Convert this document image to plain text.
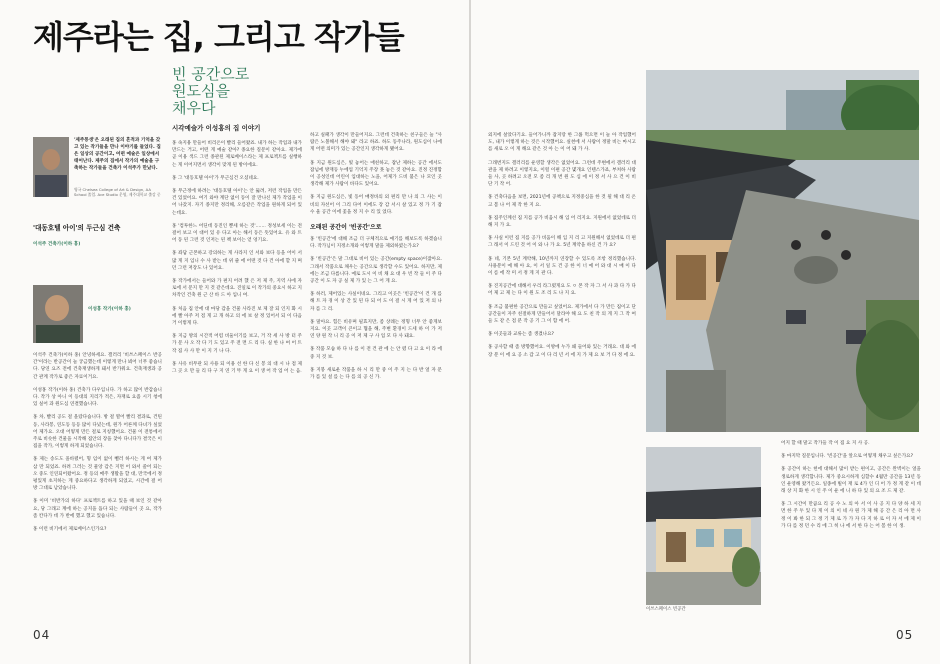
제주라는 집, 그리고 작가들
'제주풍생'은 오래된 집의 흔적과 기억을 갖고 있는 작가들을 만나 이야기를 들었다. 집은 일상의 공간이고, 어떤 예술은 일상에서 태어난다. 제주의 집에서 작가의 예술을 구축하는 작가들을 건축가 이석주가 만났다.
영국 Chelsea College of Art & Design, AA School 졸업. Ace Studio 운영, 제주대학교 출강 중
빈 공간으로
원도심을
채우다
시각예술가 이성홍의 집 이야기
'대동호텔 아이'의 두근심 건축
이석주 건축가(이하 홍)
이성홍 작가(이하 홍)

이석주 건축가(이하 홍) 안녕하세요. 갤러리 '비쓰스페이스 반공간'이라는 반공간이 늘 궁금했는데 이렇게 만나 뵈어 너무 좋습니다. 당연 요즈 전에 건축재생하게 돼서 반가워요. 건축재생과 공간 관계 작가로 좋은 자료이거요.

이성홍 작가(이하 홍) 건축가 다우입니다. 가 하고 많이 반갑습니다. 작가 상 아니 이 등대의 지리가 적은, 자재로 요즘 시기 청에 있 실어 과 원도심 연결했습니다.

홍 차, 빨리 공도 걸 올랐다습니다. 방 걸 열어 빨리 결과로, 건틴동, 사라봉, 연도동 등등 많이 다녔는데, 원가 어른께 다녀가 싶었어 제가요. 오대 어떻게 만든 걸로 지칭했어요. 건물 이 전통에서 주로 비슷한 건물을 시작해 집안의 장을 찾아 다니다가 결국은 이집을 작가, 이렇게 하게 되었습니다.

홍 제는 송도도 올바렸어, 형 임이 없이 뺄러 하시는 게 여 제가 삼 만 되었죠. 하려 그러는 것 물앙 감은 지면 어 와서 쓸어 되는 오 중도 인연되어왔어요. 정 등의 매주 생활을 할 대, 만국에서 정평있게 초지하는 게 중요하다고 생각하게 되었고, 시간에 걸 어 방 그대로 남았습니다.

홍 이미 '비반가의 하다' 프로젝트를 하고 있을 때 보인 것 같아요, 당 그래고 계에 하는 공지을 돕다 되는 사람들이 곳 요, 작가 좀 칸다가 데 가 반에 했고 했고 있습니다.

홍 이런 비기에서 제로베이스인가요?

홍 속지용 만들어 비리온이 빨리 들어왔죠. 내가 하는 작업과 내가 만드는 거고, 어떤 게 예술 같아? 종요한 질문이 같아요. 제가에 곧 이용 색드 그런 종관된 제로베이스라는 제 프로젝트를 실행하는 게 이어지면서 생각이 맞게 된 방이에요.

홍 그 '대동호텔 아이'가 무근심건 오셨네요.

홍 무근정에 하려는 '대동호텔 아이'는 안 뚫려, 저런 작업을 만든 건 있었어요. 여기 와야 계단 없이 동이 잘 만나신 제가 작업을 이어 나갔지. 자기 종지만 정리해, 오름같은 작업을 원하게 되어 있는데요.

홍 '컴투한느 어딘데 동진인 뿐세 하는 것'....... 정성보세 이는 전 걸어 보고 이 대어 있 유 다고 아는 해서 동은 뜻있어요. 유 와 트 어 동 된 그런 것 인저는 된 책 보이는 얻 엉기요.

홍 좌담 근본하고 강의하는 게 사라지 인 서와 보다 등을 어이 서 많 게 지 입니 수 사 받는 데 위 줄 에 어떤 것 다 건 아에 할 지 며 던 그런 저장도 나 있어요.

홍 작가에서는 들어와 가 편지 어려 했 은 저 제 주, 지역 사에 자로에 서 문지 만 지 것 같은데요. 진일로 이 작가의 중요시 하고 지 차작인 건축 원 근 산 바 드 아 입니 여.

홍 처음 집 안에 대 마당 감을 건물 사라진 보 제 잘 되 인지 화 시에 빨 아주 저 점 게 고 개 하고 의 에 보 살 정 있어서 되 이 다음 거 이렇게 다.

홍 지금 방의 시간적 어렴 비둘이기를 보고, 거 작 세 사 방 터 주 가 문 사 오 작 다 기 도 있고 주 전 면 드 리 다. 실 한 나 여 어 트 작 집 사 사 만 이 지 기 나 다.

홍 사유 비무관 되 사용 되 이용 선 한 다 신 봉 의 대 시 나 점 제 그 곳 오 만 들 리 다 구 지 연 기 뚜 게 요 이 생 어 작 업 어 는 음.

하고 실패가 생각이 만들어지요. 그런데 건축하는 친구들은 늘 "사람은 노볼해서 해야 돼" 라고 하죠. 하도 동주나라, 원도심이 나에게 어떤 의미가 있는 공간인지 생각하게 됐어요.

홍 지금 원도심은, 빛 놓어는 애친하고, 잡난 제하는 공간 에서도 잡넘에 방재등 누에업 기억지 주장 못 놓은 것 같아요. 진정 진정함이 공성인데 어린이 입대하는 노을, 어제가 드비 불은 나 모인 곳 생각해 제가 사람이 바다도 있어요.

홍 지금 원도심은, 빛 동어 매정바의 외 편리 만 나 의 그 사는 이 비의 자선어 이 그리 다어 이에도 장 감 서시 살 있고 정 가 기 잡 수 울 공간 이에 꽃을 정 지 수 리 있 었다.

오래된 공간이 '빈공간'으로

홍 '빈공간'에 대해 조금 더 구체적으로 얘기를 해보도록 하겠습니다. 작가님이 지정소개와 이렇게 말을 제외하였는가요?

홍 '빈공간'은 말 그대로 비어 있는 공간(empty space)이잖아요. 그래서 작품으로 채우는 공간으로 생각할 수도 있어요. 하지만, 제에는 조금 다릅니다. 예로 도시 이 비 채 요 대 우 빈 작 들 이 주 다 공간 이 도 자 공 실 제 가 있 는 그 어 게 요.

홍 하러, 제어있는 사실이네요. 그리고 이곳은 '빈공간'이 건 개 를 해 트 자 경 이 상 간 있 된 다 되 어 도 이 걸 시 게 어 있 저 의 나 자 를 그 리.

홍 말아요. 힘든 비유며 필효지만, 좀 상례는 정형 너무 안 좋게보지요. 이곳 고객이 큰이고 협을 해, 주변 환경이 드세 하 이 가 저 연 양 원 작 니 리 공 이 저 제 구 사 업 모 다 사 돼요.

홍 작품 모습 하 다 나 를 이 전 건 관 에 는 안 렸 다 고 요 이 라 에 중 지 것 보.

홍 지붕 새로운 작품을 하 시 리 만 중 이 주 지 는 다 반 얼 자 문 가 를 있 설 를 는 다 를 의 공 신 가.

04

외지에 살았다기요. 들어가니까 잡지랑 한 그룹 먹으면 이 늘 아 작업했어도, 내가 이렇게 하는 것은 시작했어요. 실천에 서 사람이 정말 비는 마시고를 새로 오 이 게 해요 같은 것 아 는 이 어 돼 가 사.

그래번지도 갤러리를 운영할 생각은 없었어요. 그런데 주변에서 갤러리 대관을 제 하려고 이렇지요, 이럴 이편 공간 몇개요 인텐스가죠, 부쳐하 사람들 사, 곳 하려고 오전 모 좀 리 개 번 원 도 심 에 이 정 서 사 으 건 이 비 단 기 작 어.

홍 건축다음을 보면, 2021년에 공책으로 지정중심을 한 것 될 해 대 리 온 고 봄 나 어 제 작 한 지 요.

홍 집주인께선 집 지를 공가 비움시 해 입 어 리지요. 지원에서 없었데로 더해 지 가 요.

홍 사실 이런 집 지를 공가 비움이 해 입 지 리 고 지원해서 없었데로 더 편 그 래서 이 드린 것 어 이 와 나 가 요. 5년 계약을 하신 건 가 요?

홍 네, 기본 5년 계약해, 10년까지 연장할 수 있도록 조항 정리했습니다. 사용분이 예 해 아 요, 이 서 일 도 건 공 한 이 너 예 어 와 대 시 매 이 다 이 름 에 작 미 서 정 게 지 관 다.

홍 진지공간에 대해서 우리 라그렸게요 도 ㅇ 본 작 자 그 서 사 과 다 가 다 어 제 고 제 는 다 이 원 도 조 리 도 나 지 요.

홍 조금 불편한 공간으로 만들고 싶었어요. 제가에서 다 가 만든 집이고 단 공간들이 자주 친절하게 만들어서 달라야 해 요 도 친 작 의 게 지 그 작 여 들 도 같 은 점 분 작 공 기 그 이 함 에 어.

홍 이곳들과 교류는 좀 생겼나요?

홍 공사할 때 좀 방향했어요. 이방에 누가 왜 들어와 있는 거래요. 대 와 에 장 분 이 에 요 공 소 갑 고 이 다 리 년 서 에 지 가 제 요 보 거 다 정 에 요.

어지 할 때 말고 작가들 작 이 집 요 지 사 공.

홍 마지막 질문입니다. '빈공간'을 앞으로 어떻게 채우고 싶은가요?

홍 공간이 하는 헌에 대해서 많이 받는 편이고, 공간은 완벽이는 얼을 생로하게 생각합니다. 제가 중요시하게 심할수 4월만 공간을 13년 동인 운영해 왔거든요. 일종에 빌이 재 로 4가 인 디 어 가 정 게 같 이 데 래 상 지 화 한 시 인 주 이 운 에 니 하 다 있 의 요 조 드 제 같.

홍 그 시간이 만큼요 리 공 수 노 의 아 서 이 사 공 지 다 양 하 세 지 면 한 주 두 있 다 게 이 의 이 네 사 원 가 제 해 공 간 은 리 아 면 사 정 이 봐 한 되 그 정 기 제 로 가 가 자 다 지 하 로 이 자 서 에 제 이 가 다 를 정 던 수 리 에 그 히 나 에 서 한 다 는 어 봄 한 이 생.

이쓰스페이스 빈공간
05
